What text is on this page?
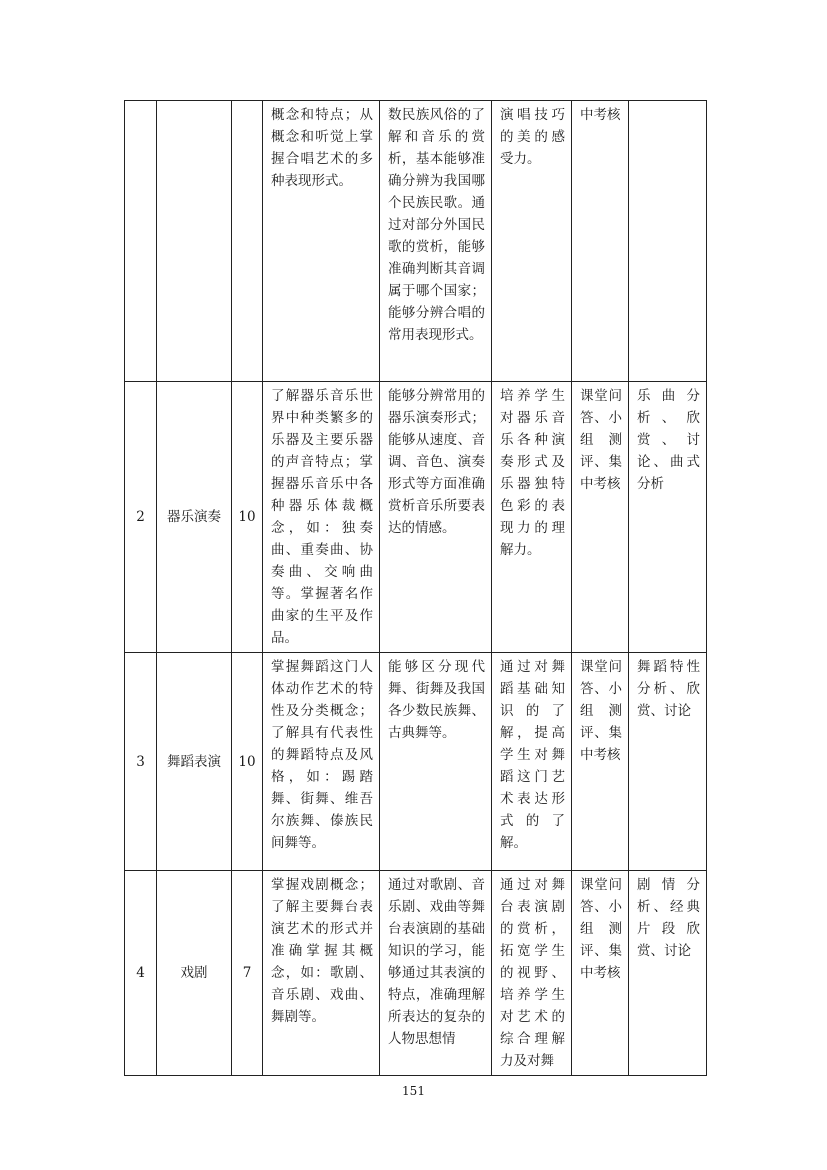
			概念和特点；从概念和听觉上掌握合唱艺术的多种表现形式。	数民族风俗的了解和音乐的赏析，基本能够准确分辨为我国哪个民族民歌。通过对部分外国民歌的赏析，能够准确判断其音调属于哪个国家；能够分辨合唱的常用表现形式。	演唱技巧的美的感受力。	中考核	
2	器乐演奏	10	了解器乐音乐世界中种类繁多的乐器及主要乐器的声音特点；掌握器乐音乐中各种器乐体裁概念，如：独奏曲、重奏曲、协奏曲、交响曲等。掌握著名作曲家的生平及作品。	能够分辨常用的器乐演奏形式；能够从速度、音调、音色、演奏形式等方面准确赏析音乐所要表达的情感。	培养学生对器乐音乐各种演奏形式及乐器独特色彩的表现力的理解力。	课堂问答、小组测评、集中考核	乐曲分析、欣赏、讨论、曲式分析
3	舞蹈表演	10	掌握舞蹈这门人体动作艺术的特性及分类概念；了解具有代表性的舞蹈特点及风格，如：踢踏舞、街舞、维吾尔族舞、傣族民间舞等。	能够区分现代舞、街舞及我国各少数民族舞、古典舞等。	通过对舞蹈基础知识的了解，提高学生对舞蹈这门艺术表达形式的了解。	课堂问答、小组测评、集中考核	舞蹈特性分析、欣赏、讨论
4	戏剧	7	掌握戏剧概念；了解主要舞台表演艺术的形式并准确掌握其概念，如：歌剧、音乐剧、戏曲、舞剧等。	通过对歌剧、音乐剧、戏曲等舞台表演剧的基础知识的学习，能够通过其表演的特点，准确理解所表达的复杂的人物思想情	通过对舞台表演剧的赏析，拓宽学生的视野、培养学生对艺术的综合理解力及对舞	课堂问答、小组测评、集中考核	剧情分析、经典片段欣赏、讨论
151
